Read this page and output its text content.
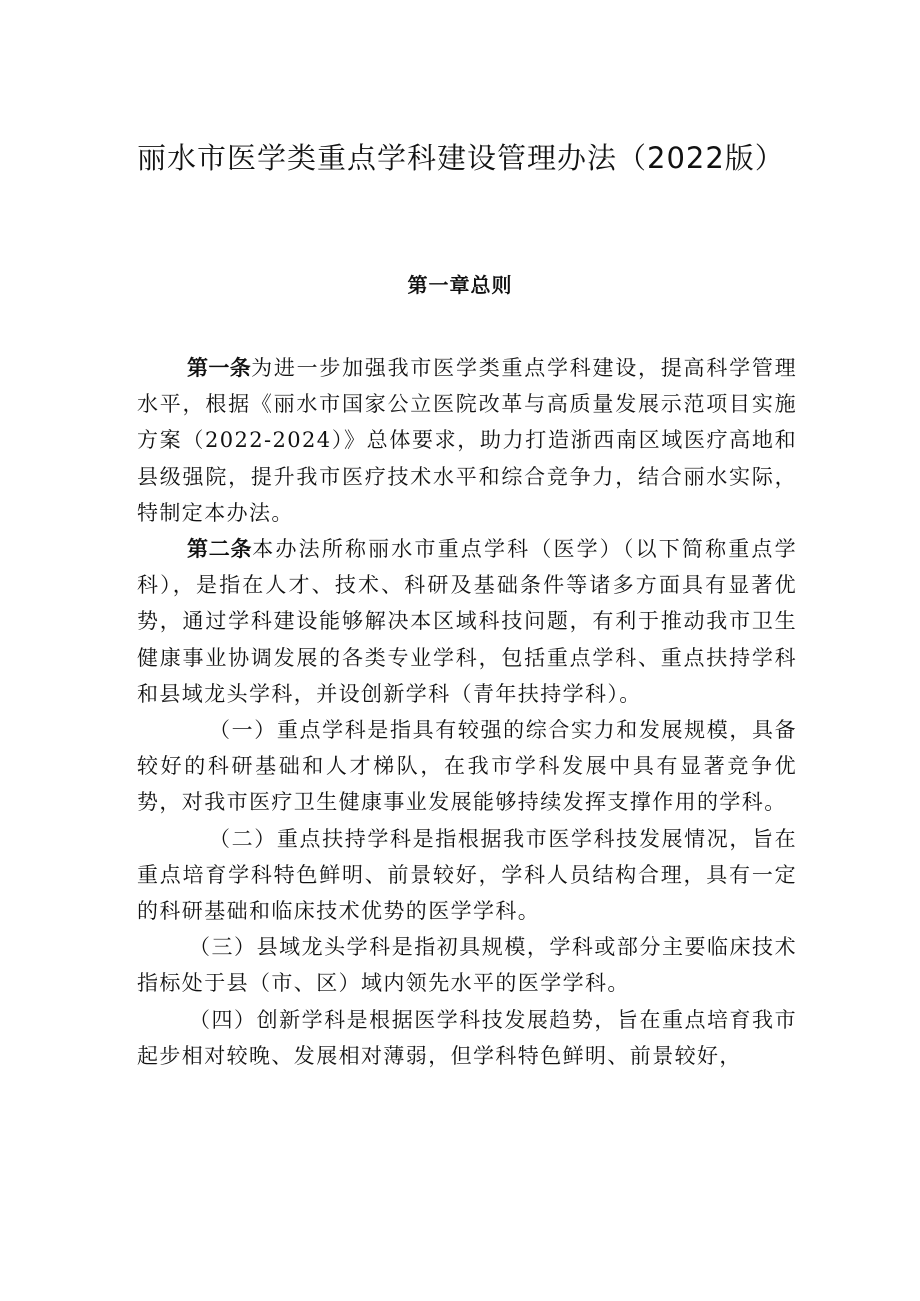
丽水市医学类重点学科建设管理办法（2022版）
第一章总则

第一条为进一步加强我市医学类重点学科建设，提高科学管理水平，根据《丽水市国家公立医院改革与高质量发展示范项目实施方案（2022-2024）》总体要求，助力打造浙西南区域医疗高地和县级强院，提升我市医疗技术水平和综合竞争力，结合丽水实际，特制定本办法。

第二条本办法所称丽水市重点学科（医学）（以下简称重点学科），是指在人才、技术、科研及基础条件等诸多方面具有显著优势，通过学科建设能够解决本区域科技问题，有利于推动我市卫生健康事业协调发展的各类专业学科，包括重点学科、重点扶持学科和县域龙头学科，并设创新学科（青年扶持学科）。

（一）重点学科是指具有较强的综合实力和发展规模，具备较好的科研基础和人才梯队，在我市学科发展中具有显著竞争优势，对我市医疗卫生健康事业发展能够持续发挥支撑作用的学科。

（二）重点扶持学科是指根据我市医学科技发展情况，旨在重点培育学科特色鲜明、前景较好，学科人员结构合理，具有一定的科研基础和临床技术优势的医学学科。

（三）县域龙头学科是指初具规模，学科或部分主要临床技术指标处于县（市、区）域内领先水平的医学学科。

（四）创新学科是根据医学科技发展趋势，旨在重点培育我市起步相对较晚、发展相对薄弱，但学科特色鲜明、前景较好，
